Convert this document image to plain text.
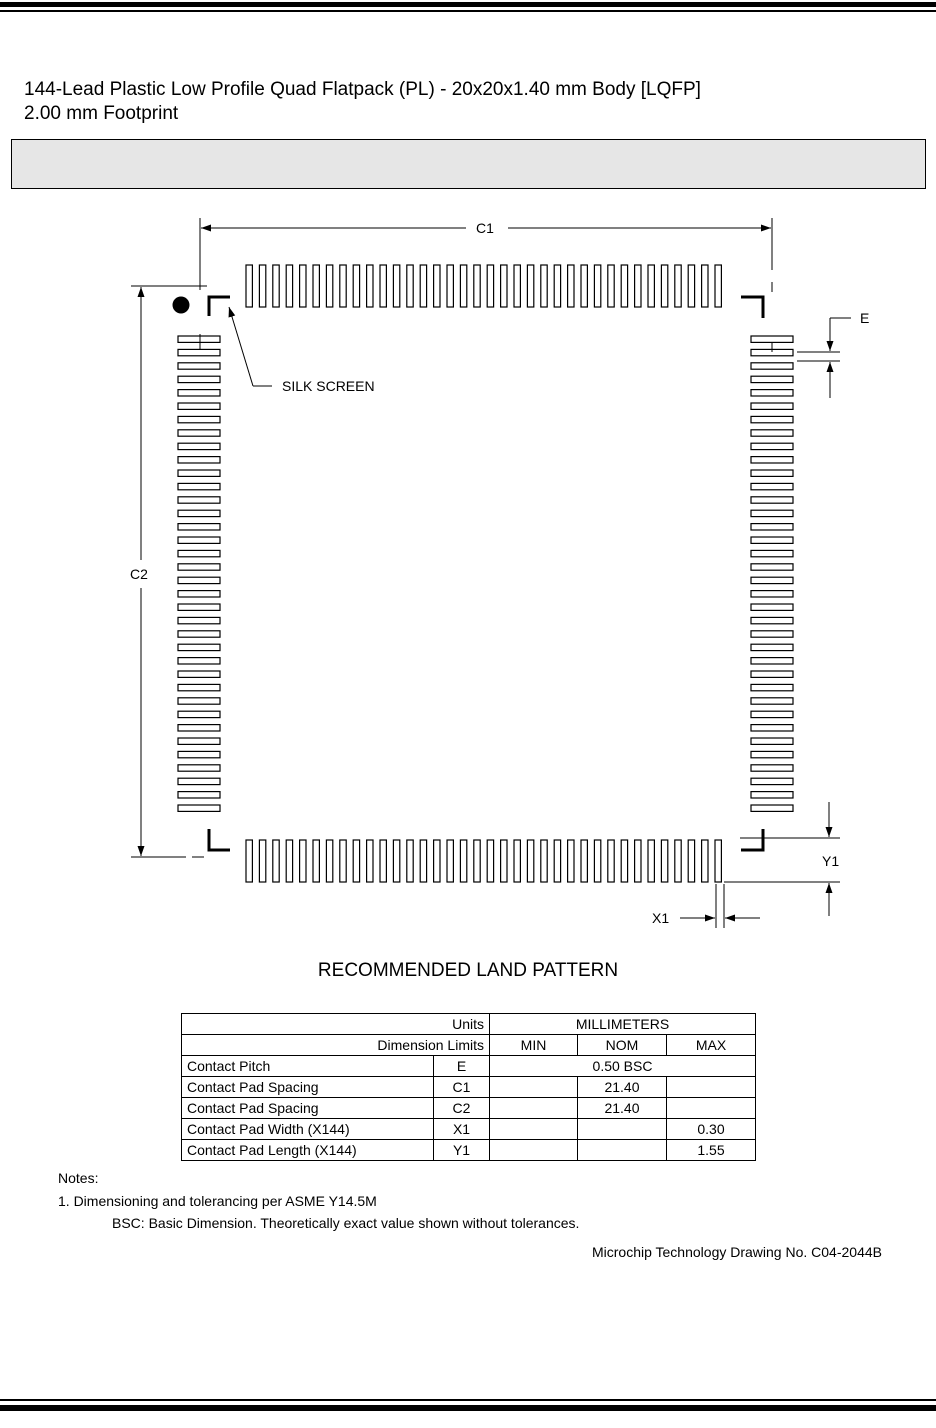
144-Lead Plastic Low Profile Quad Flatpack (PL) - 20x20x1.40 mm Body [LQFP]
2.00 mm Footprint
C1
C2
E
Y1
X1
SILK SCREEN
RECOMMENDED LAND PATTERN
Units		MILLIMETERS		
Dimension Limits		MIN	NOM	MAX
Contact Pitch	E	0.50 BSC		
Contact Pad Spacing	C1		21.40	
Contact Pad Spacing	C2		21.40	
Contact Pad Width (X144)	X1			0.30
Contact Pad Length (X144)	Y1			1.55
Notes:
1. Dimensioning and tolerancing per ASME Y14.5M
BSC: Basic Dimension. Theoretically exact value shown without tolerances.
Microchip Technology Drawing No. C04-2044B
